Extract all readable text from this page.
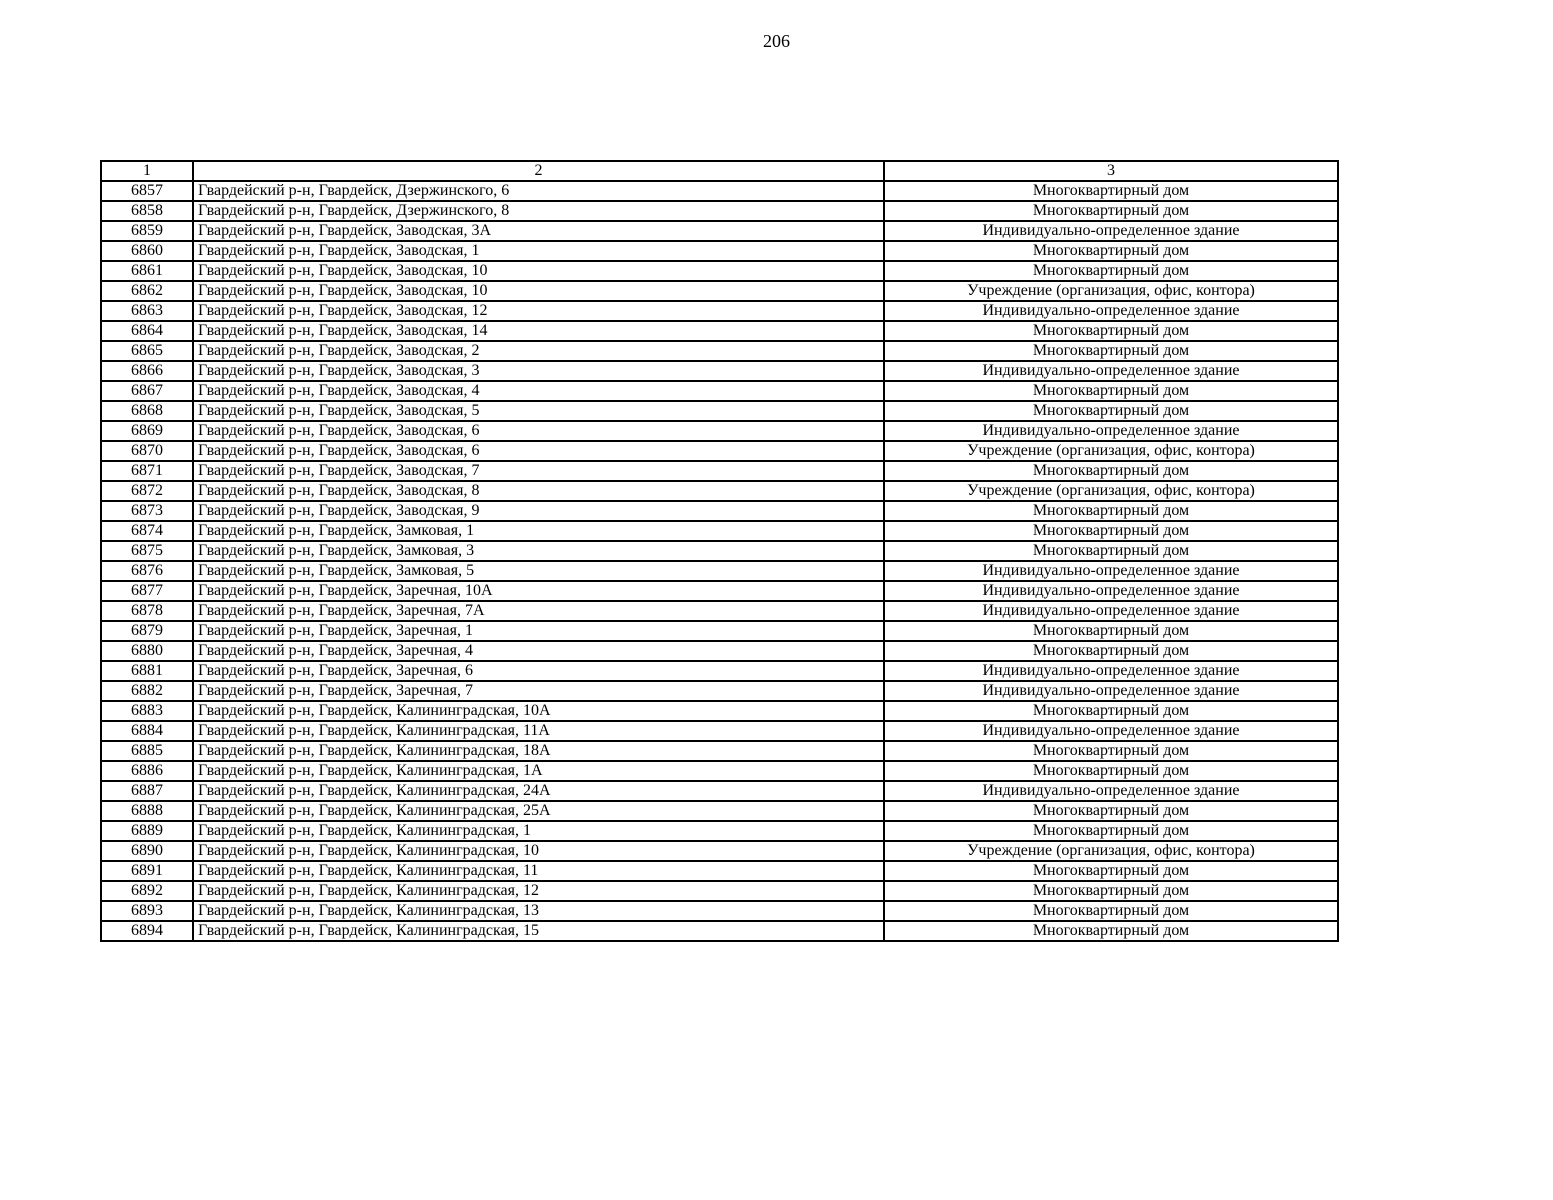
206
1	2	3
6857	Гвардейский р-н, Гвардейск, Дзержинского, 6	Многоквартирный дом
6858	Гвардейский р-н, Гвардейск, Дзержинского, 8	Многоквартирный дом
6859	Гвардейский р-н, Гвардейск, Заводская, 3А	Индивидуально-определенное здание
6860	Гвардейский р-н, Гвардейск, Заводская, 1	Многоквартирный дом
6861	Гвардейский р-н, Гвардейск, Заводская, 10	Многоквартирный дом
6862	Гвардейский р-н, Гвардейск, Заводская, 10	Учреждение (организация, офис, контора)
6863	Гвардейский р-н, Гвардейск, Заводская, 12	Индивидуально-определенное здание
6864	Гвардейский р-н, Гвардейск, Заводская, 14	Многоквартирный дом
6865	Гвардейский р-н, Гвардейск, Заводская, 2	Многоквартирный дом
6866	Гвардейский р-н, Гвардейск, Заводская, 3	Индивидуально-определенное здание
6867	Гвардейский р-н, Гвардейск, Заводская, 4	Многоквартирный дом
6868	Гвардейский р-н, Гвардейск, Заводская, 5	Многоквартирный дом
6869	Гвардейский р-н, Гвардейск, Заводская, 6	Индивидуально-определенное здание
6870	Гвардейский р-н, Гвардейск, Заводская, 6	Учреждение (организация, офис, контора)
6871	Гвардейский р-н, Гвардейск, Заводская, 7	Многоквартирный дом
6872	Гвардейский р-н, Гвардейск, Заводская, 8	Учреждение (организация, офис, контора)
6873	Гвардейский р-н, Гвардейск, Заводская, 9	Многоквартирный дом
6874	Гвардейский р-н, Гвардейск, Замковая, 1	Многоквартирный дом
6875	Гвардейский р-н, Гвардейск, Замковая, 3	Многоквартирный дом
6876	Гвардейский р-н, Гвардейск, Замковая, 5	Индивидуально-определенное здание
6877	Гвардейский р-н, Гвардейск, Заречная, 10А	Индивидуально-определенное здание
6878	Гвардейский р-н, Гвардейск, Заречная, 7А	Индивидуально-определенное здание
6879	Гвардейский р-н, Гвардейск, Заречная, 1	Многоквартирный дом
6880	Гвардейский р-н, Гвардейск, Заречная, 4	Многоквартирный дом
6881	Гвардейский р-н, Гвардейск, Заречная, 6	Индивидуально-определенное здание
6882	Гвардейский р-н, Гвардейск, Заречная, 7	Индивидуально-определенное здание
6883	Гвардейский р-н, Гвардейск, Калининградская, 10А	Многоквартирный дом
6884	Гвардейский р-н, Гвардейск, Калининградская, 11А	Индивидуально-определенное здание
6885	Гвардейский р-н, Гвардейск, Калининградская, 18А	Многоквартирный дом
6886	Гвардейский р-н, Гвардейск, Калининградская, 1А	Многоквартирный дом
6887	Гвардейский р-н, Гвардейск, Калининградская, 24А	Индивидуально-определенное здание
6888	Гвардейский р-н, Гвардейск, Калининградская, 25А	Многоквартирный дом
6889	Гвардейский р-н, Гвардейск, Калининградская, 1	Многоквартирный дом
6890	Гвардейский р-н, Гвардейск, Калининградская, 10	Учреждение (организация, офис, контора)
6891	Гвардейский р-н, Гвардейск, Калининградская, 11	Многоквартирный дом
6892	Гвардейский р-н, Гвардейск, Калининградская, 12	Многоквартирный дом
6893	Гвардейский р-н, Гвардейск, Калининградская, 13	Многоквартирный дом
6894	Гвардейский р-н, Гвардейск, Калининградская, 15	Многоквартирный дом
